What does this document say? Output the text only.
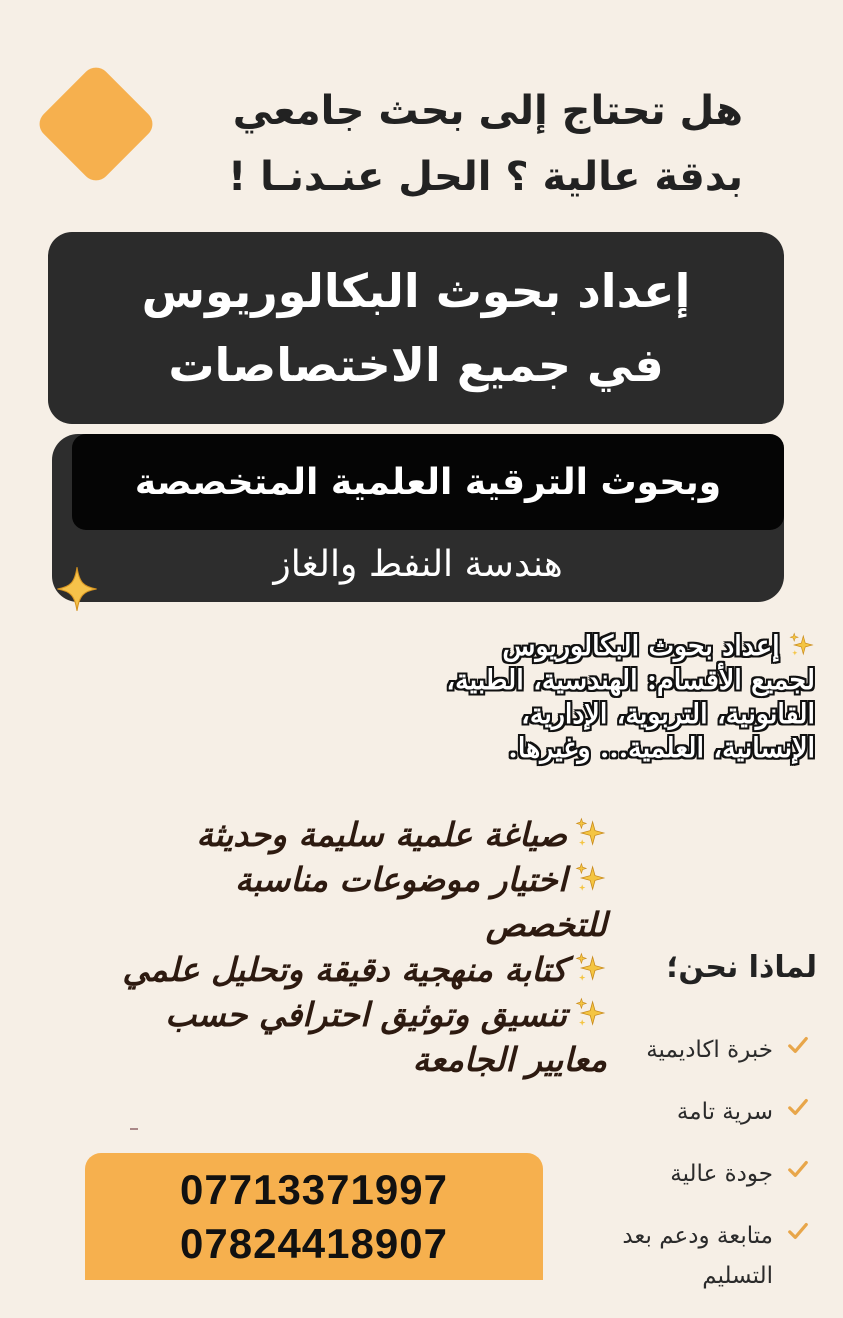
هل تحتاج إلى بحث جامعي
بدقة عالية ؟ الحل عنـدنـا !
إعداد بحوث البكالوريوس
في جميع الاختصاصات
وبحوث الترقية العلمية المتخصصة
هندسة النفط والغاز
إعداد بحوث البكالوريوس
لجميع الأقسام: الهندسية، الطبية،
القانونية، التربوية، الإدارية،
الإنسانية، العلمية... وغيرها.
صياغة علمية سليمة وحديثة
اختيار موضوعات مناسبة
للتخصص
كتابة منهجية دقيقة وتحليل علمي
تنسيق وتوثيق احترافي حسب
معايير الجامعة
لماذا نحن؛
خبرة اكاديمية
سرية تامة
جودة عالية
متابعة ودعم بعد التسليم
07713371997
07824418907
